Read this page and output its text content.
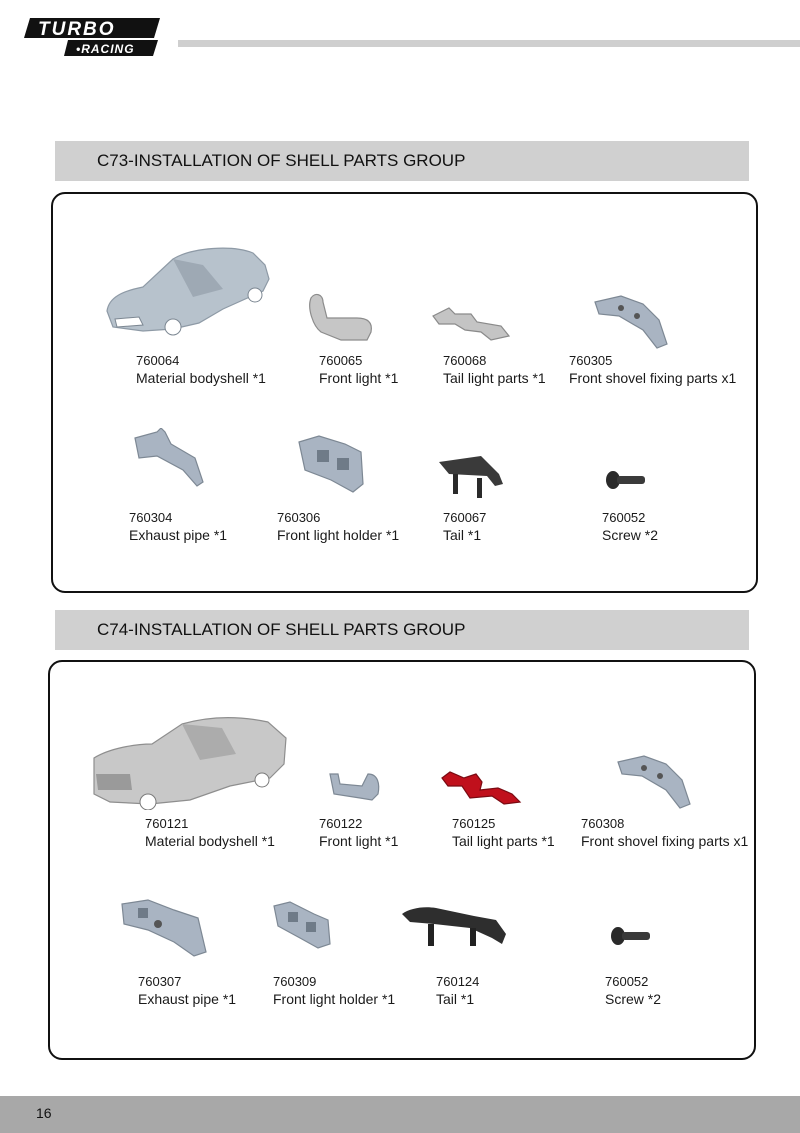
TURBO
•RACING
C73-INSTALLATION OF SHELL PARTS GROUP
760064
Material bodyshell *1
760065
Front light *1
760068
Tail light parts *1
760305
Front shovel fixing parts x1
760304
Exhaust pipe *1
760306
Front light holder *1
760067
Tail *1
760052
Screw *2
C74-INSTALLATION OF SHELL PARTS GROUP
760121
Material bodyshell *1
760122
Front light *1
760125
Tail light parts *1
760308
Front shovel fixing parts x1
760307
Exhaust pipe *1
760309
Front light holder *1
760124
Tail *1
760052
Screw *2
16
